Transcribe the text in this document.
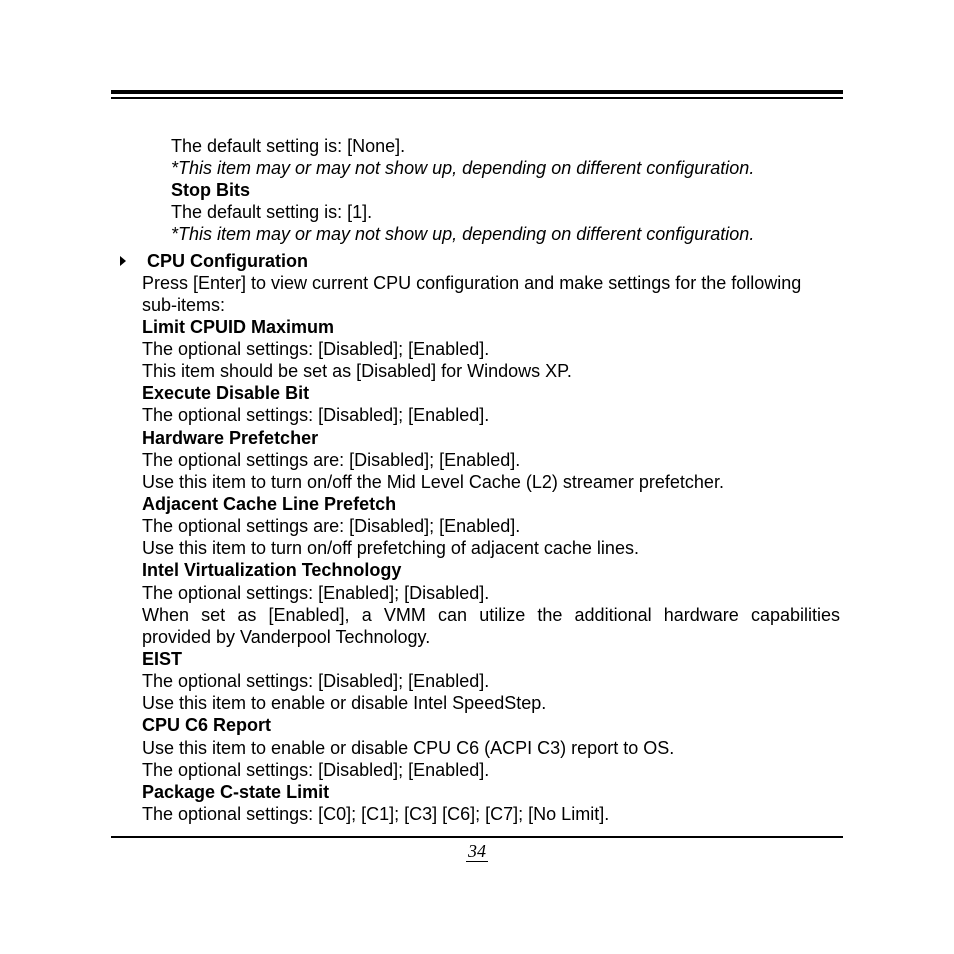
The default setting is: [None].
*This item may or may not show up, depending on different configuration.
Stop Bits
The default setting is: [1].
*This item may or may not show up, depending on different configuration.
CPU Configuration
Press [Enter] to view current CPU configuration and make settings for the following
sub-items:
Limit CPUID Maximum
The optional settings: [Disabled]; [Enabled].
This item should be set as [Disabled] for Windows XP.
Execute Disable Bit
The optional settings: [Disabled]; [Enabled].
Hardware Prefetcher
The optional settings are: [Disabled]; [Enabled].
Use this item to turn on/off the Mid Level Cache (L2) streamer prefetcher.
Adjacent Cache Line Prefetch
The optional settings are: [Disabled]; [Enabled].
Use this item to turn on/off prefetching of adjacent cache lines.
Intel Virtualization Technology
The optional settings: [Enabled]; [Disabled].
When set as [Enabled], a VMM can utilize the additional hardware capabilities
provided by Vanderpool Technology.
EIST
The optional settings: [Disabled]; [Enabled].
Use this item to enable or disable Intel SpeedStep.
CPU C6 Report
Use this item to enable or disable CPU C6 (ACPI C3) report to OS.
The optional settings: [Disabled]; [Enabled].
Package C-state Limit
The optional settings: [C0]; [C1]; [C3] [C6]; [C7]; [No Limit].
34
